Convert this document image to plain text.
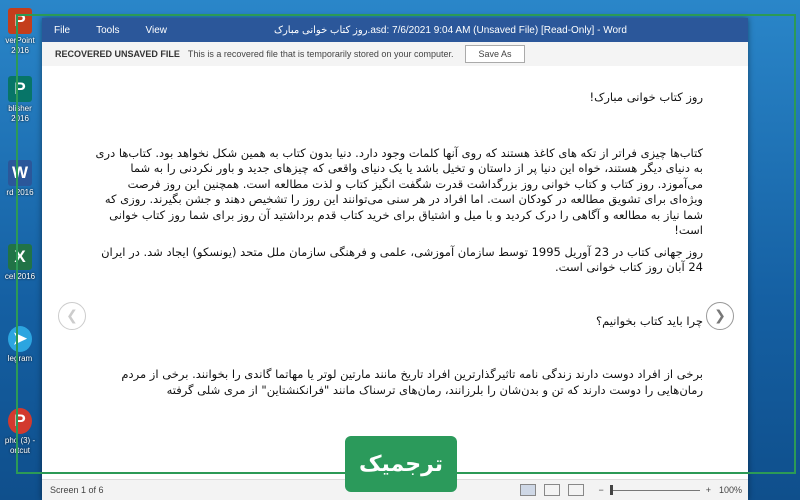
P
verPoint
2016
P
blisher
2016
W
rd 2016
X
cel 2016
➤
legram
P
pho (3) -
ortcut
File	Tools	View	روز کتاب خوانی مبارک.asd: 7/6/2021 9:04 AM (Unsaved File) [Read-Only] - Word
RECOVERED UNSAVED FILE This is a recovered file that is temporarily stored on your computer.	Save As
❮

روز کتاب خوانی مبارک!

کتاب‌ها چیزی فراتر از تکه های کاغذ هستند که روی آنها کلمات وجود دارد. دنیا بدون کتاب به همین شکل نخواهد بود. کتاب‌ها دری به دنیای دیگر هستند، خواه این دنیا پر از داستان و تخیل باشد یا یک دنیای واقعی که چیزهای جدید و باور نکردنی را به شما می‌آموزد. روز کتاب و کتاب خوانی روز بزرگداشت قدرت شگفت انگیز کتاب و لذت مطالعه است. همچنین این روز فرصت ویژه‌ای برای تشویق مطالعه در کودکان است. اما افراد در هر سنی می‌توانند این روز را تشخیص دهند و جشن بگیرند. روزی که شما نیاز به مطالعه و آگاهی را درک کردید و با میل و اشتیاق برای خرید کتاب قدم برداشتید آن روز برای شما روز کتاب خوانی است!

روز جهانی کتاب در 23 آوریل 1995 توسط سازمان آموزشی، علمی و فرهنگی سازمان ملل متحد (یونسکو) ایجاد شد. در ایران 24 آبان روز کتاب خوانی است.

چرا باید کتاب بخوانیم؟

برخی از افراد دوست دارند زندگی نامه تاثیرگذارترین افراد تاریخ مانند مارتین لوتر یا مهاتما گاندی را بخوانند. برخی از مردم رمان‌هایی را دوست دارند که تن و بدن‌شان را بلرزانند، رمان‌های ترسناک مانند "فرانکنشتاین" از مری شلی گرفته

❯
Screen 1 of 6	−	+ 100%
ترجمیک
